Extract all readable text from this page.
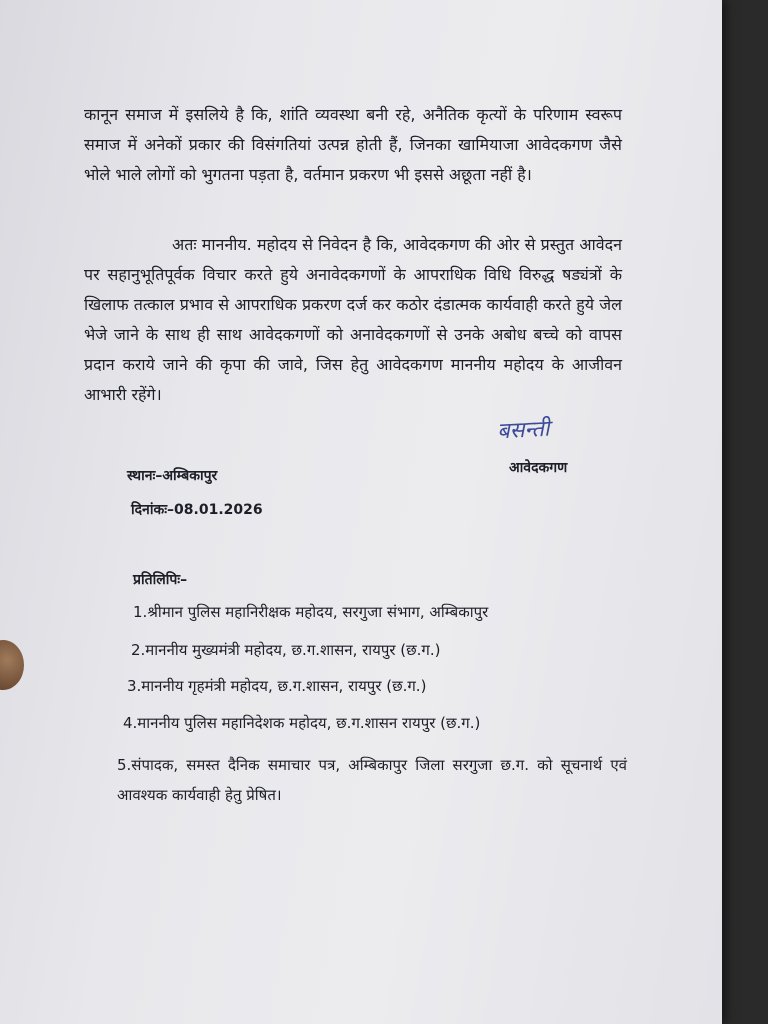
कानून समाज में इसलिये है कि, शांति व्यवस्था बनी रहे, अनैतिक कृत्यों के परिणाम स्वरूप समाज में अनेकों प्रकार की विसंगतियां उत्पन्न होती हैं, जिनका खामियाजा आवेदकगण जैसे भोले भाले लोगों को भुगतना पड़ता है, वर्तमान प्रकरण भी इससे अछूता नहीं है।
अतः माननीय. महोदय से निवेदन है कि, आवेदकगण की ओर से प्रस्तुत आवेदन पर सहानुभूतिपूर्वक विचार करते हुये अनावेदकगणों के आपराधिक विधि विरुद्ध षड्यंत्रों के खिलाफ तत्काल प्रभाव से आपराधिक प्रकरण दर्ज कर कठोर दंडात्मक कार्यवाही करते हुये जेल भेजे जाने के साथ ही साथ आवेदकगणों को अनावेदकगणों से उनके अबोध बच्चे को वापस प्रदान कराये जाने की कृपा की जावे, जिस हेतु आवेदकगण माननीय महोदय के आजीवन आभारी रहेंगे।
बसन्ती
आवेदकगण
स्थानः–अम्बिकापुर
दिनांकः–08.01.2026
प्रतिलिपिः–
1.श्रीमान पुलिस महानिरीक्षक महोदय, सरगुजा संभाग, अम्बिकापुर
2.माननीय मुख्यमंत्री महोदय, छ.ग.शासन, रायपुर (छ.ग.)
3.माननीय गृहमंत्री महोदय, छ.ग.शासन, रायपुर (छ.ग.)
4.माननीय पुलिस महानिदेशक महोदय, छ.ग.शासन रायपुर (छ.ग.)
5.संपादक, समस्त दैनिक समाचार पत्र, अम्बिकापुर जिला सरगुजा छ.ग. को सूचनार्थ एवं आवश्यक कार्यवाही हेतु प्रेषित।
